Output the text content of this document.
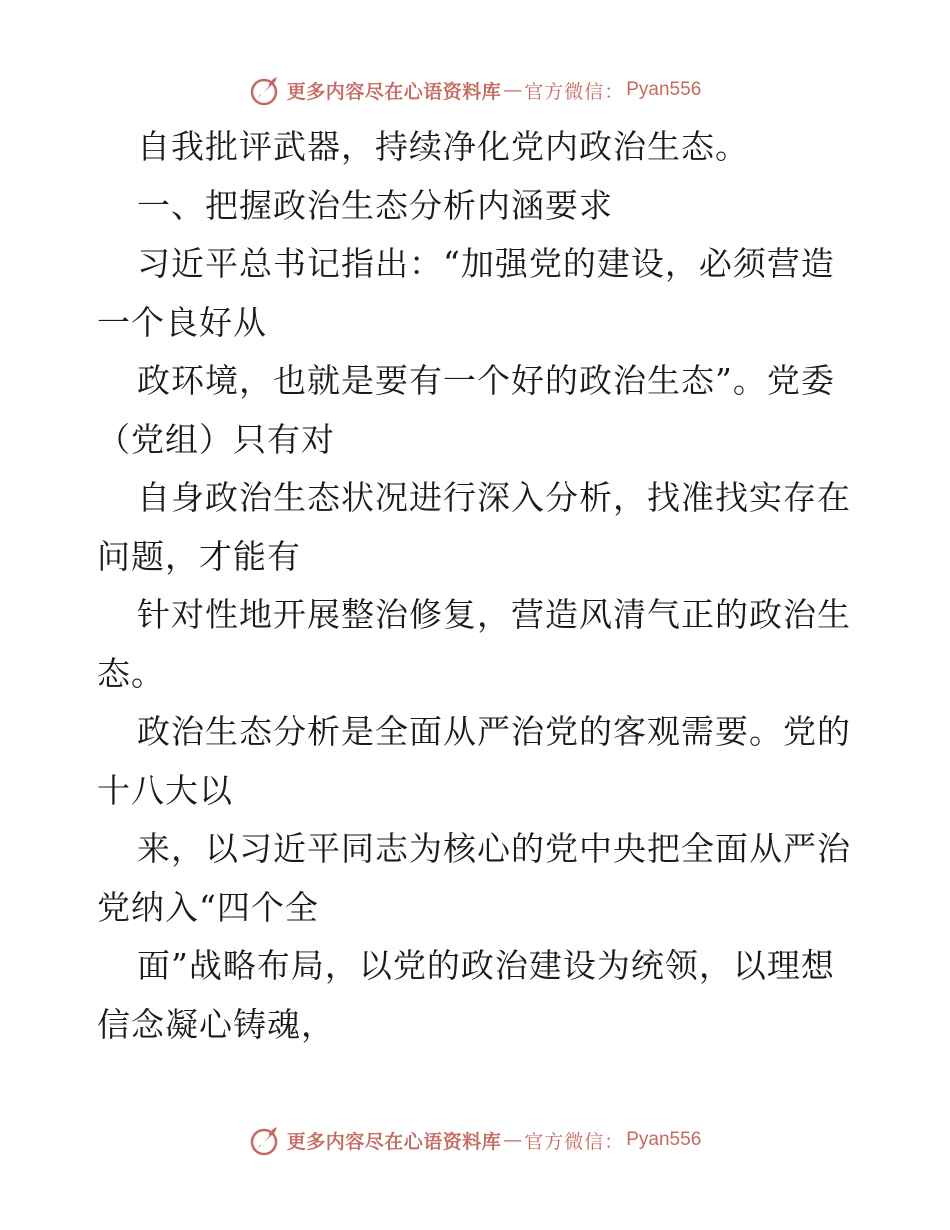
更多内容尽在心语资料库 — 官方微信： Pyan556
自我批评武器，持续净化党内政治生态。
一、把握政治生态分析内涵要求
习近平总书记指出：“加强党的建设，必须营造
一个良好从
政环境，也就是要有一个好的政治生态”。党委
（党组）只有对
自身政治生态状况进行深入分析，找准找实存在
问题，才能有
针对性地开展整治修复，营造风清气正的政治生
态。
政治生态分析是全面从严治党的客观需要。党的
十八大以
来，以习近平同志为核心的党中央把全面从严治
党纳入“四个全
面”战略布局，以党的政治建设为统领，以理想
信念凝心铸魂，
更多内容尽在心语资料库 — 官方微信： Pyan556
